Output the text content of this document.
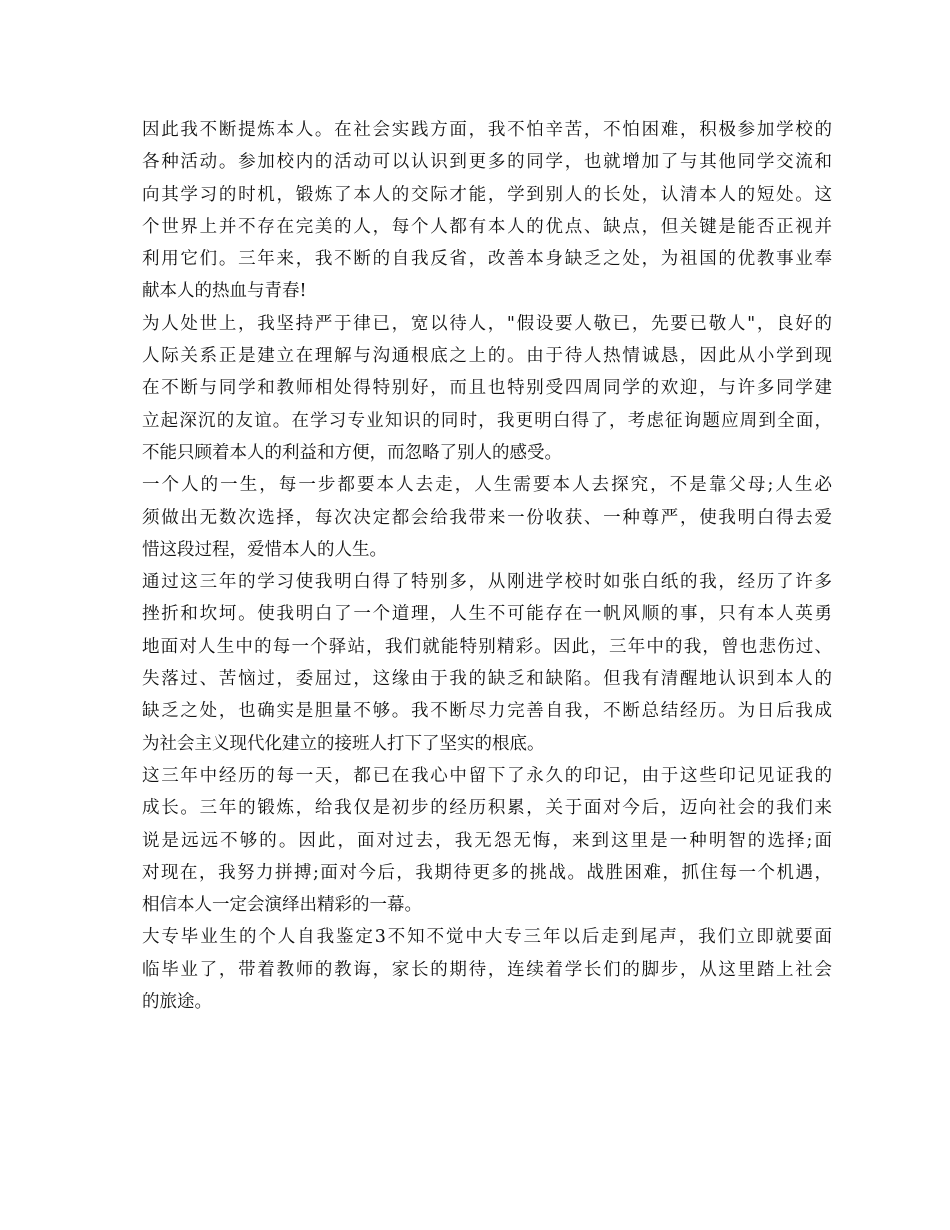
因此我不断提炼本人。在社会实践方面，我不怕辛苦，不怕困难，积极参加学校的
各种活动。参加校内的活动可以认识到更多的同学，也就增加了与其他同学交流和
向其学习的时机，锻炼了本人的交际才能，学到别人的长处，认清本人的短处。这
个世界上并不存在完美的人，每个人都有本人的优点、缺点，但关键是能否正视并
利用它们。三年来，我不断的自我反省，改善本身缺乏之处，为祖国的优教事业奉
献本人的热血与青春!
为人处世上，我坚持严于律已，宽以待人，"假设要人敬已，先要已敬人"，良好的
人际关系正是建立在理解与沟通根底之上的。由于待人热情诚恳，因此从小学到现
在不断与同学和教师相处得特别好，而且也特别受四周同学的欢迎，与许多同学建
立起深沉的友谊。在学习专业知识的同时，我更明白得了，考虑征询题应周到全面，
不能只顾着本人的利益和方便，而忽略了别人的感受。
一个人的一生，每一步都要本人去走，人生需要本人去探究，不是靠父母;人生必
须做出无数次选择，每次决定都会给我带来一份收获、一种尊严，使我明白得去爱
惜这段过程，爱惜本人的人生。
通过这三年的学习使我明白得了特别多，从刚进学校时如张白纸的我，经历了许多
挫折和坎坷。使我明白了一个道理，人生不可能存在一帆风顺的事，只有本人英勇
地面对人生中的每一个驿站，我们就能特别精彩。因此，三年中的我，曾也悲伤过、
失落过、苦恼过，委屈过，这缘由于我的缺乏和缺陷。但我有清醒地认识到本人的
缺乏之处，也确实是胆量不够。我不断尽力完善自我，不断总结经历。为日后我成
为社会主义现代化建立的接班人打下了坚实的根底。
这三年中经历的每一天，都已在我心中留下了永久的印记，由于这些印记见证我的
成长。三年的锻炼，给我仅是初步的经历积累，关于面对今后，迈向社会的我们来
说是远远不够的。因此，面对过去，我无怨无悔，来到这里是一种明智的选择;面
对现在，我努力拼搏;面对今后，我期待更多的挑战。战胜困难，抓住每一个机遇，
相信本人一定会演绎出精彩的一幕。
大专毕业生的个人自我鉴定3不知不觉中大专三年以后走到尾声，我们立即就要面
临毕业了，带着教师的教诲，家长的期待，连续着学长们的脚步，从这里踏上社会
的旅途。
